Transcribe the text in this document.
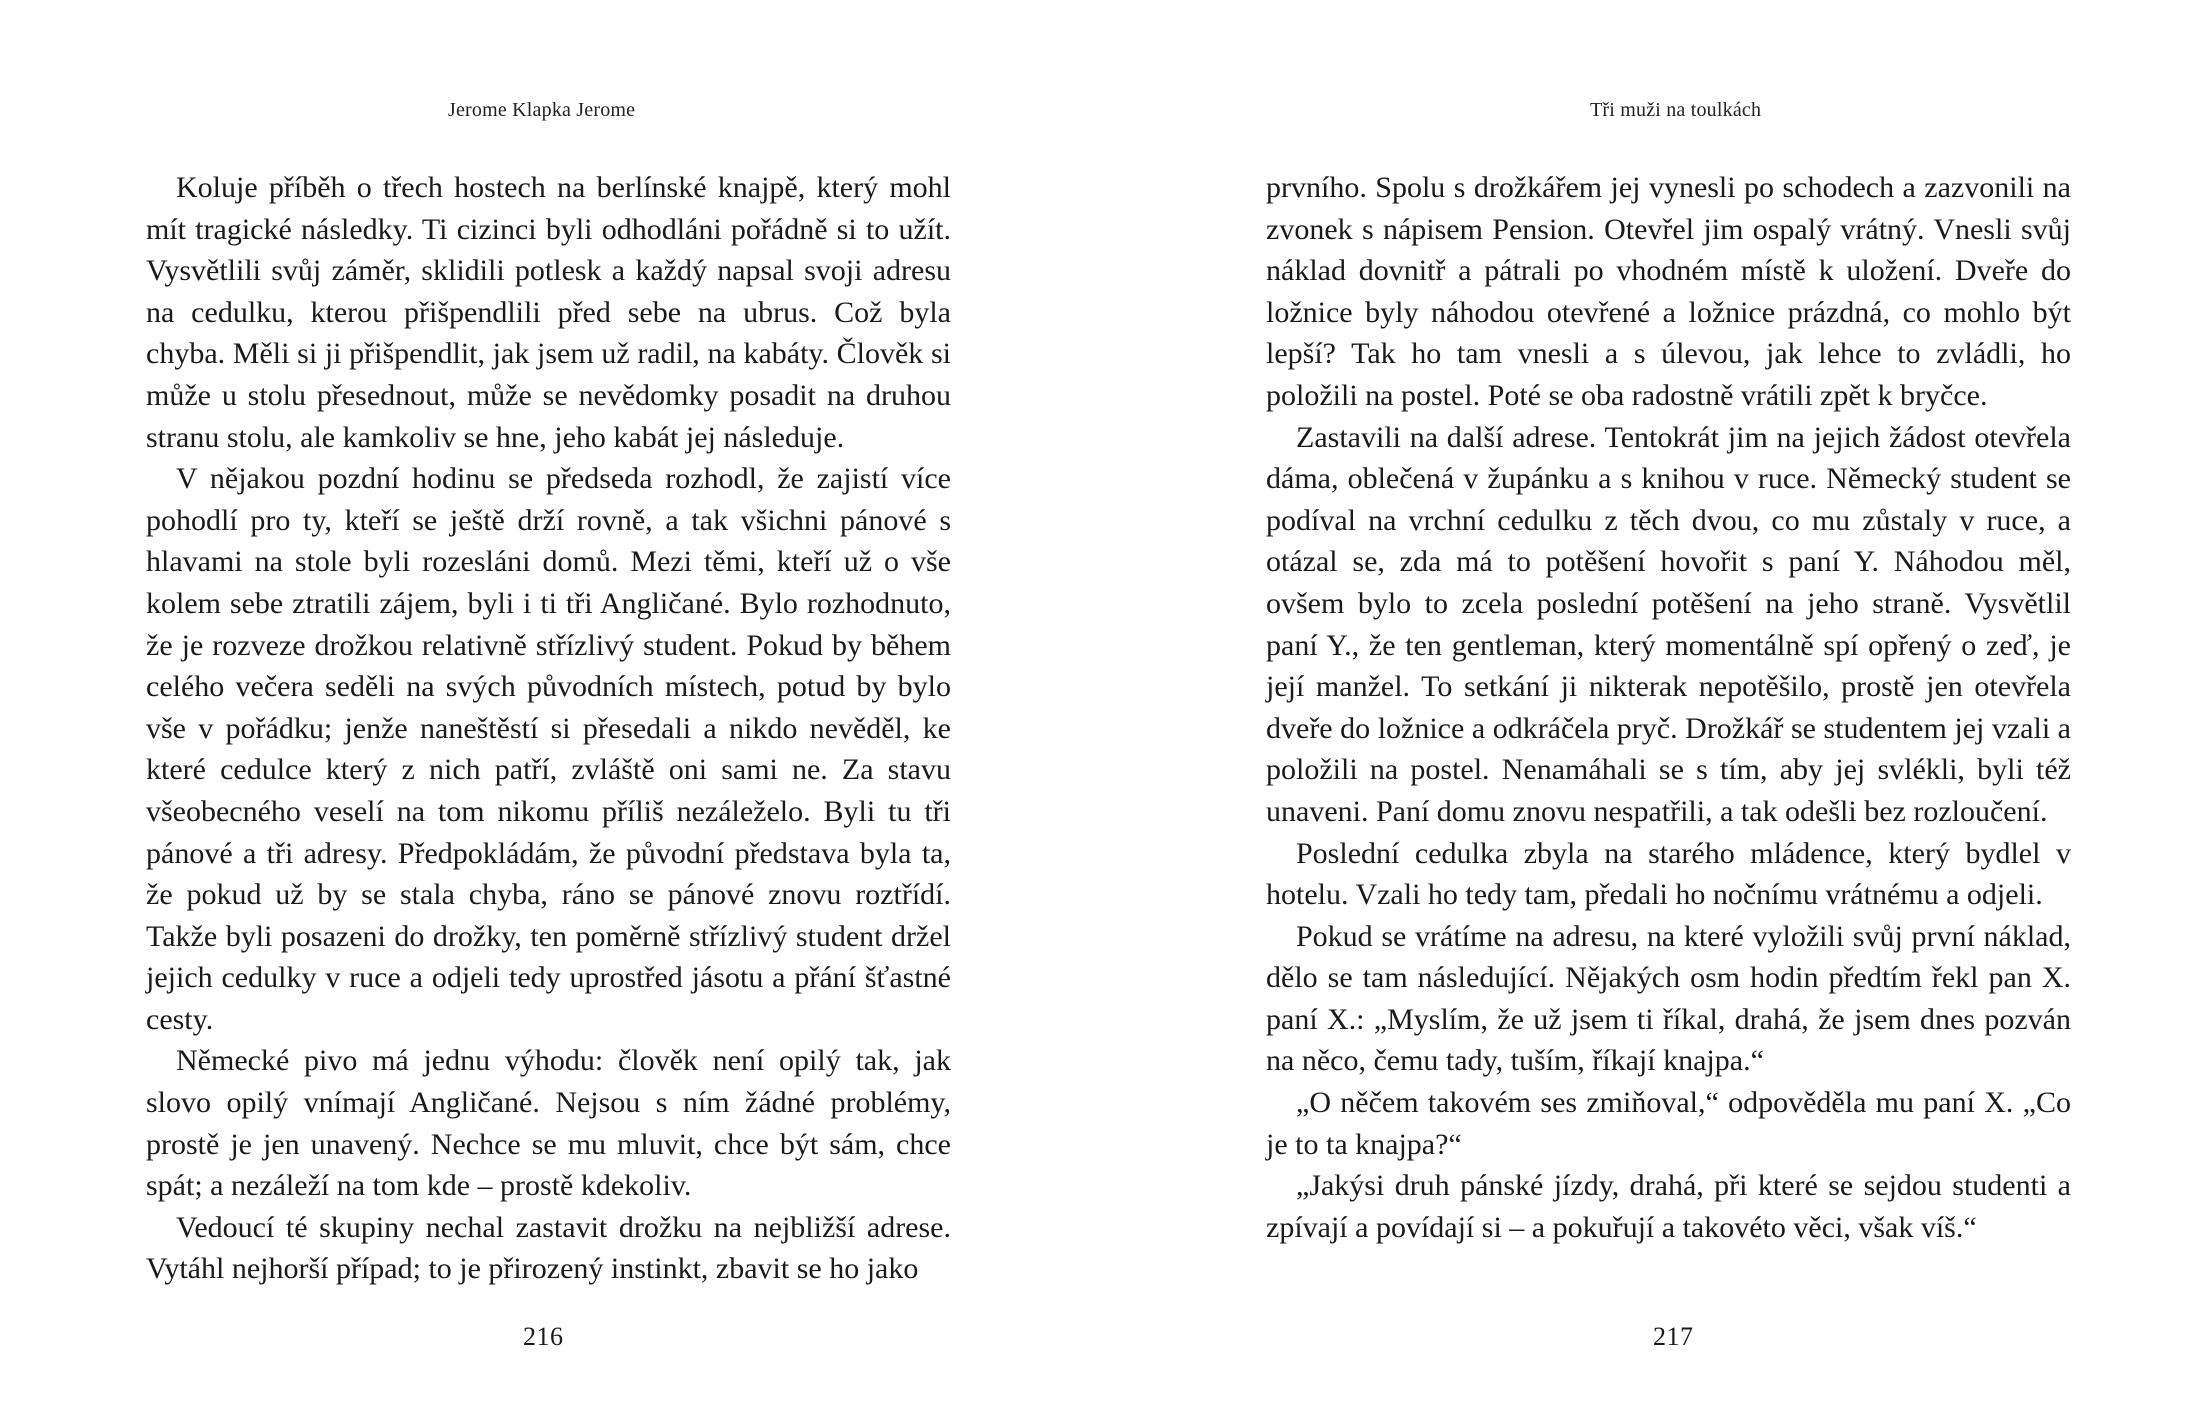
Jerome Klapka Jerome

Koluje příběh o třech hostech na berlínské knajpě, který mohl mít tragické následky. Ti cizinci byli odhodláni pořádně si to užít. Vysvětlili svůj záměr, sklidili potlesk a každý napsal svoji adresu na cedulku, kterou přišpendlili před sebe na ubrus. Což byla chyba. Měli si ji přišpendlit, jak jsem už radil, na kabáty. Člověk si může u stolu přesednout, může se nevědomky posadit na druhou stranu stolu, ale kamkoliv se hne, jeho kabát jej následuje.

V nějakou pozdní hodinu se předseda rozhodl, že zajistí více pohodlí pro ty, kteří se ještě drží rovně, a tak všichni pánové s hlavami na stole byli rozesláni domů. Mezi těmi, kteří už o vše kolem sebe ztratili zájem, byli i ti tři Angličané. Bylo rozhodnuto, že je rozveze drožkou relativně střízlivý student. Pokud by během celého večera seděli na svých původních místech, potud by bylo vše v pořádku; jenže naneštěstí si přesedali a nikdo nevěděl, ke které cedulce který z nich patří, zvláště oni sami ne. Za stavu všeobecného veselí na tom nikomu příliš nezáleželo. Byli tu tři pánové a tři adresy. Předpokládám, že původní představa byla ta, že pokud už by se stala chyba, ráno se pánové znovu roztřídí. Takže byli posazeni do drožky, ten poměrně střízlivý student držel jejich cedulky v ruce a odjeli tedy uprostřed jásotu a přání šťastné cesty.

Německé pivo má jednu výhodu: člověk není opilý tak, jak slovo opilý vnímají Angličané. Nejsou s ním žádné problémy, prostě je jen unavený. Nechce se mu mluvit, chce být sám, chce spát; a nezáleží na tom kde – prostě kdekoliv.

Vedoucí té skupiny nechal zastavit drožku na nejbližší adrese. Vytáhl nejhorší případ; to je přirozený instinkt, zbavit se ho jako

216
Tři muži na toulkách

prvního. Spolu s drožkářem jej vynesli po schodech a zazvonili na zvonek s nápisem Pension. Otevřel jim ospalý vrátný. Vnesli svůj náklad dovnitř a pátrali po vhodném místě k uložení. Dveře do ložnice byly náhodou otevřené a ložnice prázdná, co mohlo být lepší? Tak ho tam vnesli a s úlevou, jak lehce to zvládli, ho položili na postel. Poté se oba radostně vrátili zpět k bryčce.

Zastavili na další adrese. Tentokrát jim na jejich žádost otevřela dáma, oblečená v župánku a s knihou v ruce. Německý student se podíval na vrchní cedulku z těch dvou, co mu zůstaly v ruce, a otázal se, zda má to potěšení hovořit s paní Y. Náhodou měl, ovšem bylo to zcela poslední potěšení na jeho straně. Vysvětlil paní Y., že ten gentleman, který momentálně spí opřený o zeď, je její manžel. To setkání ji nikterak nepotěšilo, prostě jen otevřela dveře do ložnice a odkráčela pryč. Drožkář se studentem jej vzali a položili na postel. Nenamáhali se s tím, aby jej svlékli, byli též unaveni. Paní domu znovu nespatřili, a tak odešli bez rozloučení.

Poslední cedulka zbyla na starého mládence, který bydlel v hotelu. Vzali ho tedy tam, předali ho nočnímu vrátnému a odjeli.

Pokud se vrátíme na adresu, na které vyložili svůj první náklad, dělo se tam následující. Nějakých osm hodin předtím řekl pan X. paní X.: „Myslím, že už jsem ti říkal, drahá, že jsem dnes pozván na něco, čemu tady, tuším, říkají knajpa.“

„O něčem takovém ses zmiňoval,“ odpověděla mu paní X. „Co je to ta knajpa?“

„Jakýsi druh pánské jízdy, drahá, při které se sejdou studenti a zpívají a povídají si – a pokuřují a takovéto věci, však víš.“

217
